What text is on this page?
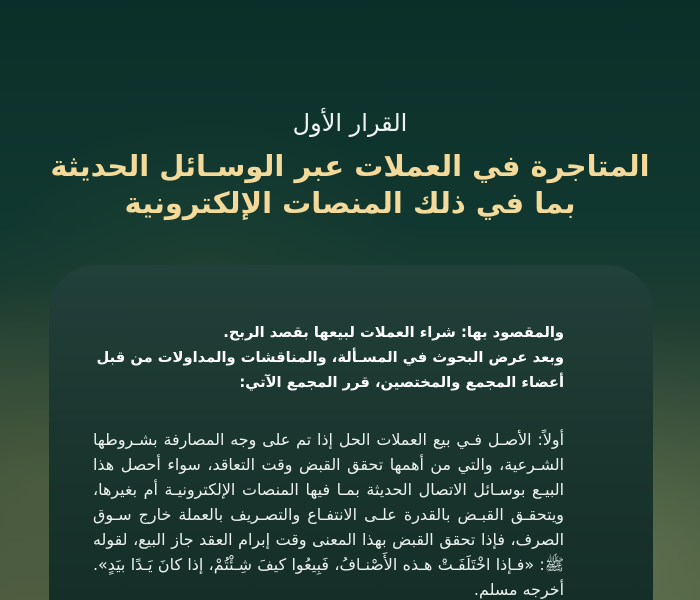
القرار الأول
المتاجرة في العملات عبر الوسـائل الحديثة
بما في ذلك المنصات الإلكترونية
والمقصود بها: شراء العملات لبيعها بقصد الربح.
وبعد عرض البحوث في المسـألة، والمناقشات والمداولات من قبل
أعضاء المجمع والمختصين، قرر المجمع الآتي:
أولاً: الأصـل فـي بيع العملات الحل إذا تم على وجه المصارفة بشـروطها
الشـرعية، والتي من أهمها تحقق القبض وقت التعاقد، سواء أحصل هذا
البيـع بوسـائل الاتصال الحديثة بمـا فيها المنصات الإلكترونيـة أم بغيرها،
ويتحقـق القبـض بالقدرة علـى الانتفـاع والتصـريف بالعملة خارج سـوق
الصرف، فإذا تحقق القبض بهذا المعنى وقت إبرام العقد جاز البيع، لقوله
ﷺ: «فـإذا اخْتَلَفَـتْ هـذه الأَصْنـافُ، فَبِيعُوا كيفَ شِـئْتُمْ، إذا كانَ يَـدًا بيَدٍ».
أخرجه مسلم.
